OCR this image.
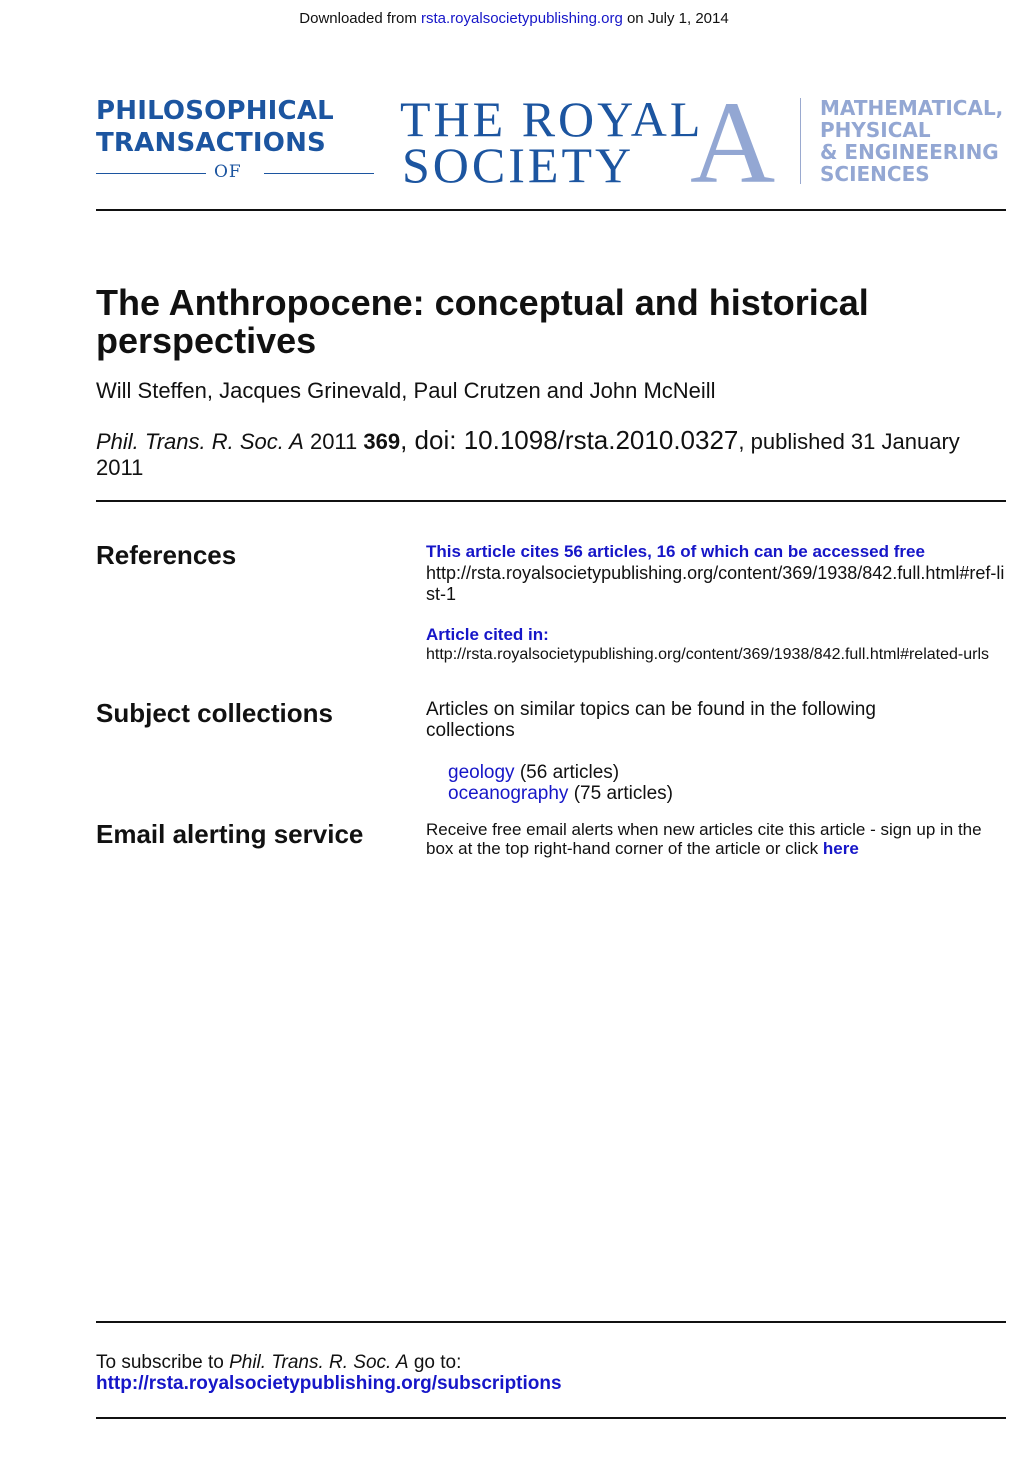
Downloaded from rsta.royalsocietypublishing.org on July 1, 2014
PHILOSOPHICAL
TRANSACTIONS
OF
THE ROYAL
SOCIETY A MATHEMATICAL,
PHYSICAL
& ENGINEERING
SCIENCES
The Anthropocene: conceptual and historical perspectives
Will Steffen, Jacques Grinevald, Paul Crutzen and John McNeill
Phil. Trans. R. Soc. A 2011 369, doi: 10.1098/rsta.2010.0327, published 31 January 2011
References	This article cites 56 articles, 16 of which can be accessed free
http://rsta.royalsocietypublishing.org/content/369/1938/842.full.html#ref-list-1
Article cited in:
http://rsta.royalsocietypublishing.org/content/369/1938/842.full.html#related-urls
Subject collections	Articles on similar topics can be found in the following collections
geology (56 articles)
oceanography (75 articles)
Email alerting service	Receive free email alerts when new articles cite this article - sign up in the box at the top right-hand corner of the article or click here
To subscribe to Phil. Trans. R. Soc. A go to:
http://rsta.royalsocietypublishing.org/subscriptions
